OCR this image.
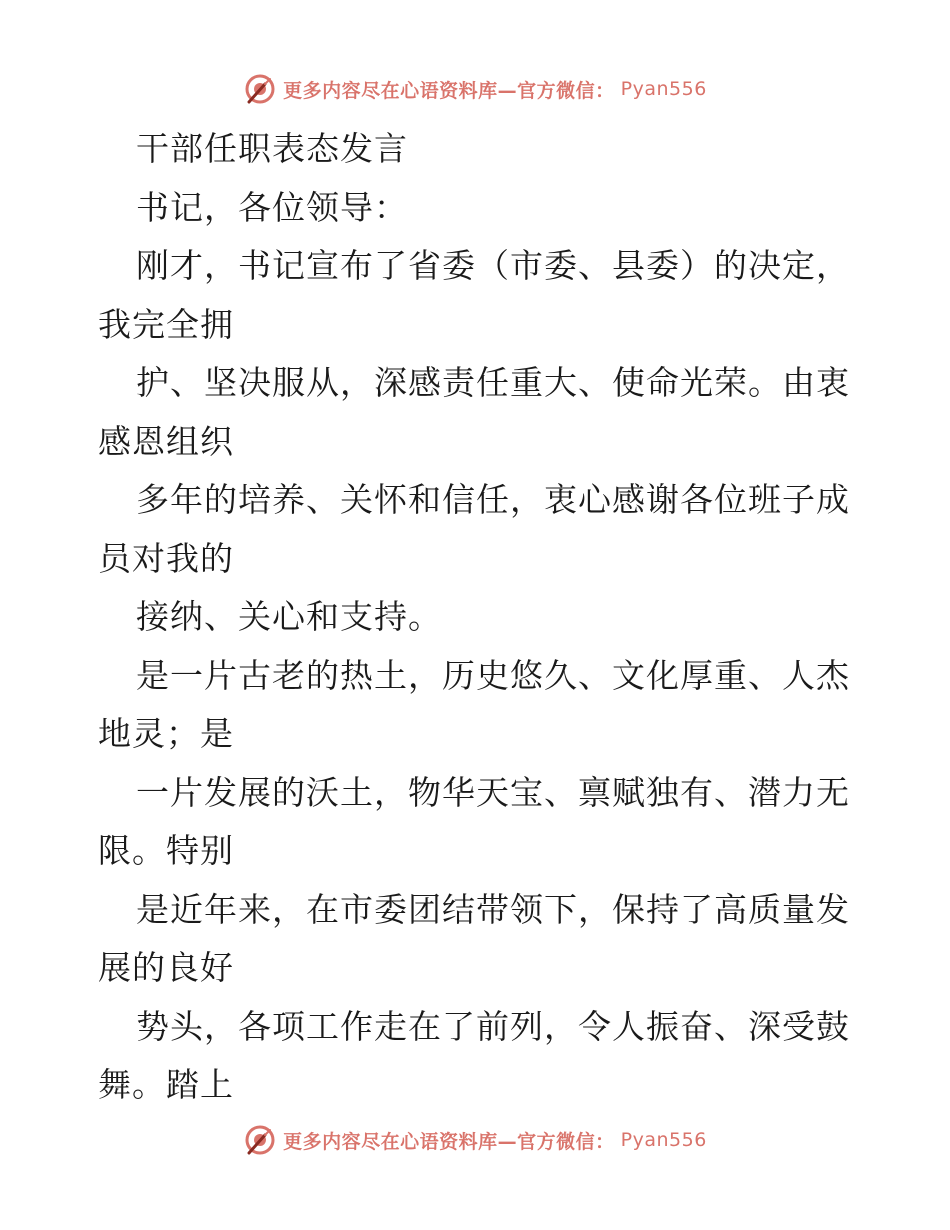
更多内容尽在心语资料库—官方微信： Pyan556
干部任职表态发言
书记，各位领导：
刚才，书记宣布了省委（市委、县委）的决定，
我完全拥
护、坚决服从，深感责任重大、使命光荣。由衷
感恩组织
多年的培养、关怀和信任，衷心感谢各位班子成
员对我的
接纳、关心和支持。
是一片古老的热土，历史悠久、文化厚重、人杰
地灵；是
一片发展的沃土，物华天宝、禀赋独有、潜力无
限。特别
是近年来，在市委团结带领下，保持了高质量发
展的良好
势头，各项工作走在了前列，令人振奋、深受鼓
舞。踏上
更多内容尽在心语资料库—官方微信： Pyan556
